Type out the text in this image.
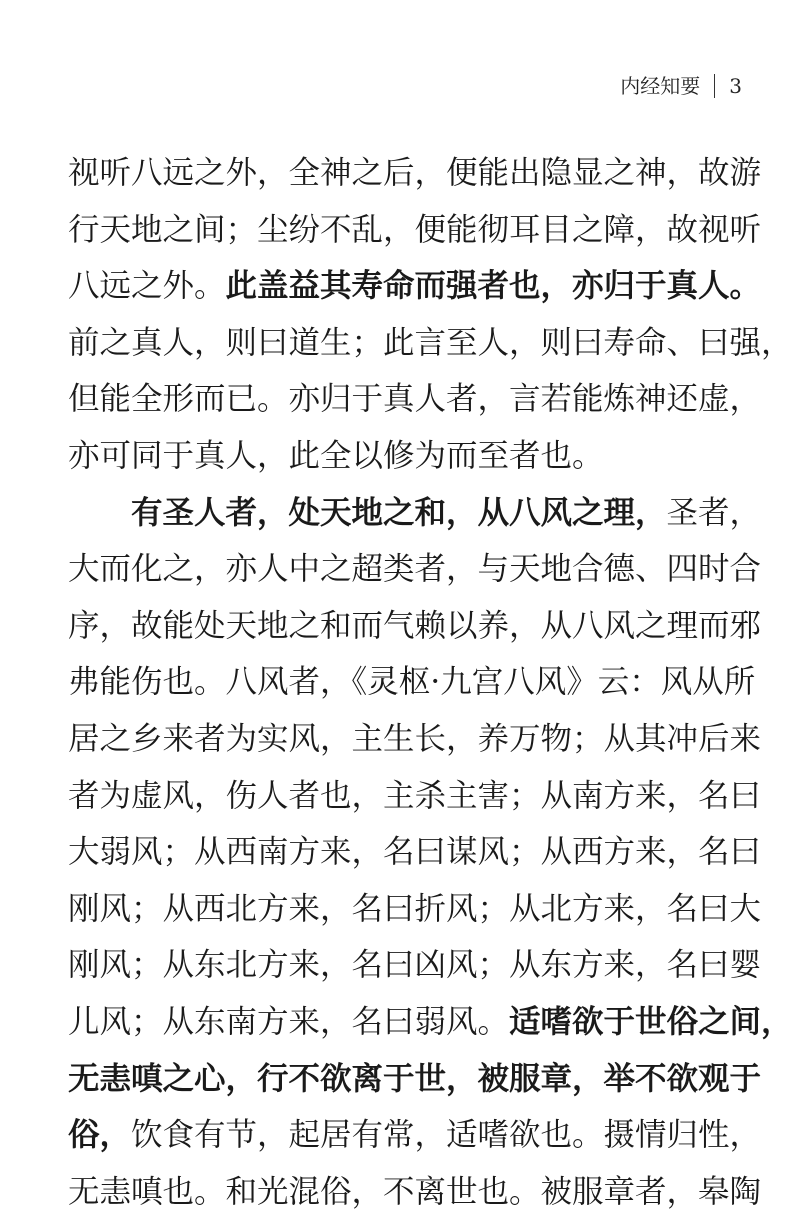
内经知要 3
视听八远之外，全神之后，便能出隐显之神，故游
行天地之间；尘纷不乱，便能彻耳目之障，故视听
八远之外。此盖益其寿命而强者也，亦归于真人。
前之真人，则曰道生；此言至人，则曰寿命、曰强，
但能全形而已。亦归于真人者，言若能炼神还虚，
亦可同于真人，此全以修为而至者也。
有圣人者，处天地之和，从八风之理，圣者，
大而化之，亦人中之超类者，与天地合德、四时合
序，故能处天地之和而气赖以养，从八风之理而邪
弗能伤也。八风者，《灵枢·九宫八风》云：风从所
居之乡来者为实风，主生长，养万物；从其冲后来
者为虚风，伤人者也，主杀主害；从南方来，名曰
大弱风；从西南方来，名曰谋风；从西方来，名曰
刚风；从西北方来，名曰折风；从北方来，名曰大
刚风；从东北方来，名曰凶风；从东方来，名曰婴
儿风；从东南方来，名曰弱风。适嗜欲于世俗之间，
无恚嗔之心，行不欲离于世，被服章，举不欲观于
俗，饮食有节，起居有常，适嗜欲也。摄情归性，
无恚嗔也。和光混俗，不离世也。被服章者，皋陶
